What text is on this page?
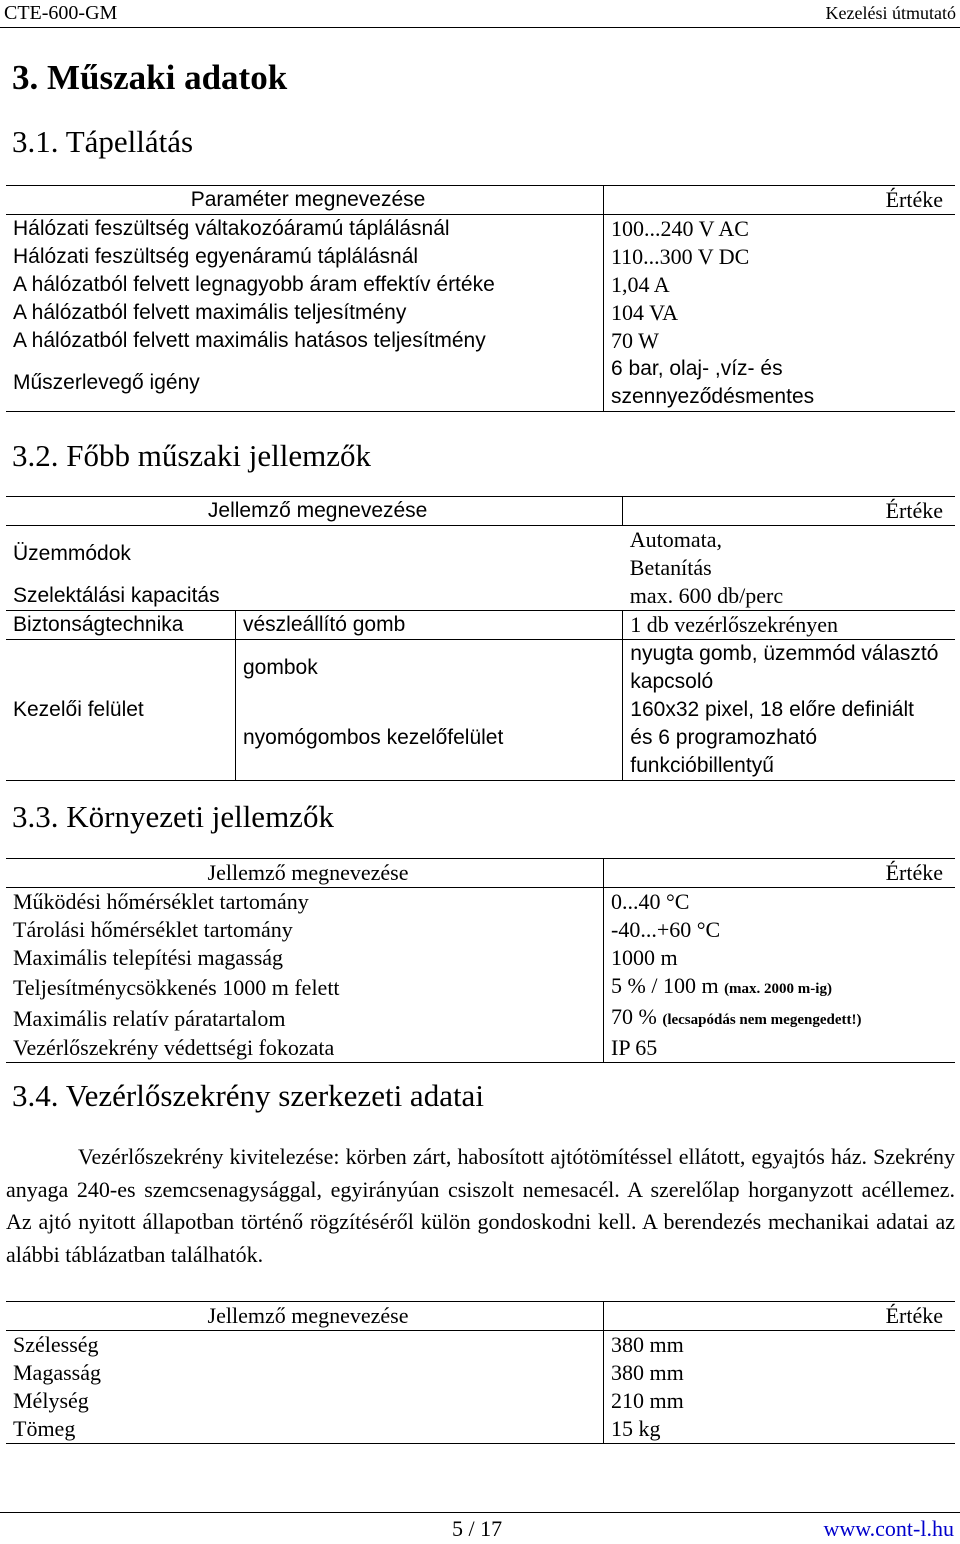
CTE-600-GM	Kezelési útmutató
3. Műszaki adatok
3.1. Tápellátás
Paraméter megnevezése	Értéke
Hálózati feszültség váltakozóáramú táplálásnál	100...240 V AC
Hálózati feszültség egyenáramú táplálásnál	110...300 V DC
A hálózatból felvett legnagyobb áram effektív értéke	1,04 A
A hálózatból felvett maximális teljesítmény	104 VA
A hálózatból felvett maximális hatásos teljesítmény	70 W
Műszerlevegő igény	6 bar, olaj- ,víz- és
szennyeződésmentes
3.2. Főbb műszaki jellemzők
Jellemző megnevezése		Értéke
Üzemmódok		Automata,
Betanítás

Szelektálási kapacitás		max. 600 db/perc
Biztonságtechnika	vészleállító gomb	1 db vezérlőszekrényen
Kezelői felület	gombok	nyugta gomb, üzemmód választó
kapcsoló

	nyomógombos kezelőfelület	160x32 pixel, 18 előre definiált
és 6 programozható
funkcióbillentyű
3.3. Környezeti jellemzők
Jellemző megnevezése	Értéke
Működési hőmérséklet tartomány	0...40 °C
Tárolási hőmérséklet tartomány	-40...+60 °C
Maximális telepítési magasság	1000 m
Teljesítménycsökkenés 1000 m felett	5 % / 100 m (max. 2000 m-ig)
Maximális relatív páratartalom	70 % (lecsapódás nem megengedett!)
Vezérlőszekrény védettségi fokozata	IP 65
3.4. Vezérlőszekrény szerkezeti adatai

Vezérlőszekrény kivitelezése: körben zárt, habosított ajtótömítéssel ellátott, egyajtós ház. Szekrény anyaga 240-es szemcsenagysággal, egyirányúan csiszolt nemesacél. A szerelőlap horganyzott acéllemez. Az ajtó nyitott állapotban történő rögzítéséről külön gondoskodni kell. A berendezés mechanikai adatai az alábbi táblázatban találhatók.

Jellemző megnevezése	Értéke
Szélesség	380 mm
Magasság	380 mm
Mélység	210 mm
Tömeg	15 kg
5 / 17	www.cont-l.hu
